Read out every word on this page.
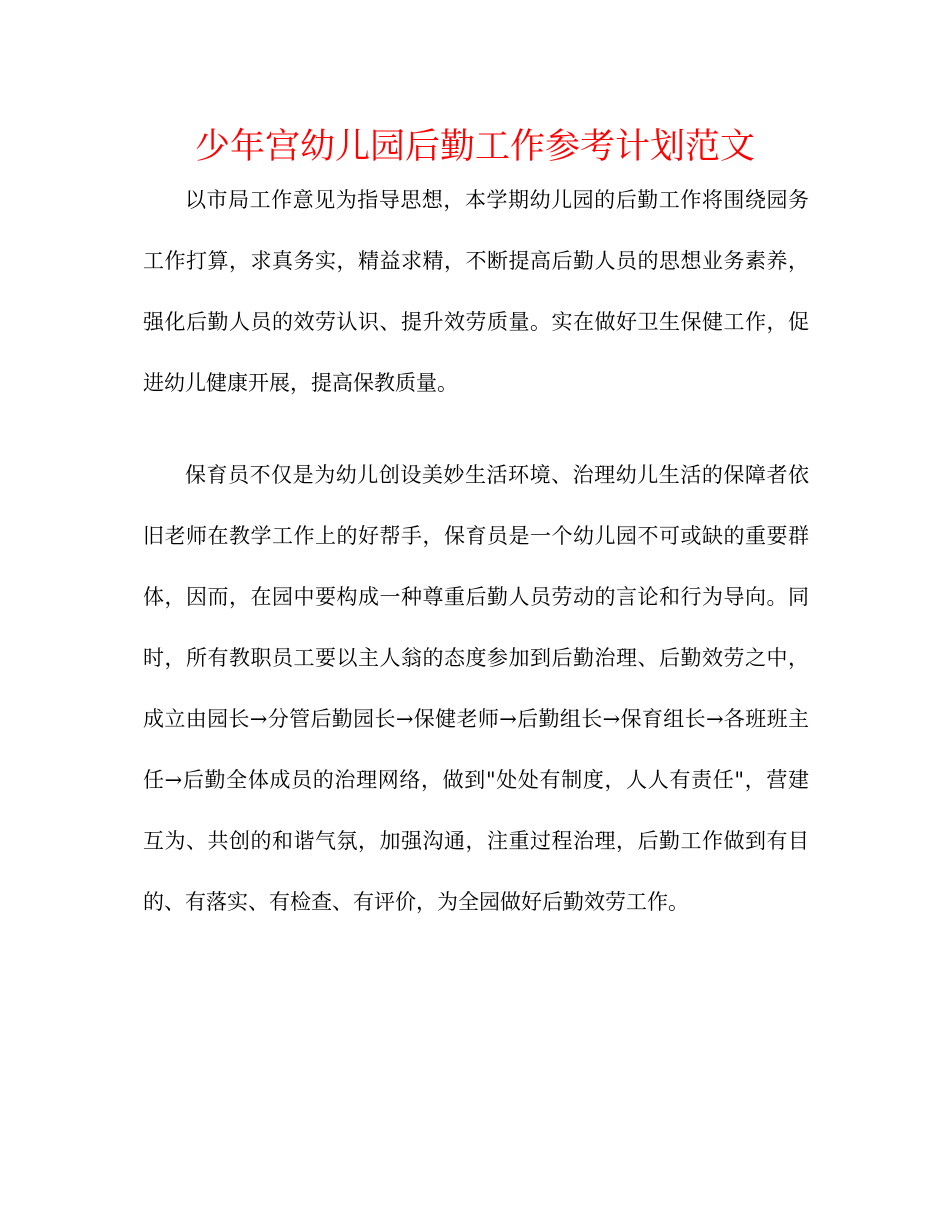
少年宫幼儿园后勤工作参考计划范文

以市局工作意见为指导思想，本学期幼儿园的后勤工作将围绕园务工作打算，求真务实，精益求精，不断提高后勤人员的思想业务素养，强化后勤人员的效劳认识、提升效劳质量。实在做好卫生保健工作，促进幼儿健康开展，提高保教质量。

保育员不仅是为幼儿创设美妙生活环境、治理幼儿生活的保障者依旧老师在教学工作上的好帮手，保育员是一个幼儿园不可或缺的重要群体，因而，在园中要构成一种尊重后勤人员劳动的言论和行为导向。同时，所有教职员工要以主人翁的态度参加到后勤治理、后勤效劳之中，成立由园长→分管后勤园长→保健老师→后勤组长→保育组长→各班班主任→后勤全体成员的治理网络，做到"处处有制度，人人有责任"，营建互为、共创的和谐气氛，加强沟通，注重过程治理，后勤工作做到有目的、有落实、有检查、有评价，为全园做好后勤效劳工作。
